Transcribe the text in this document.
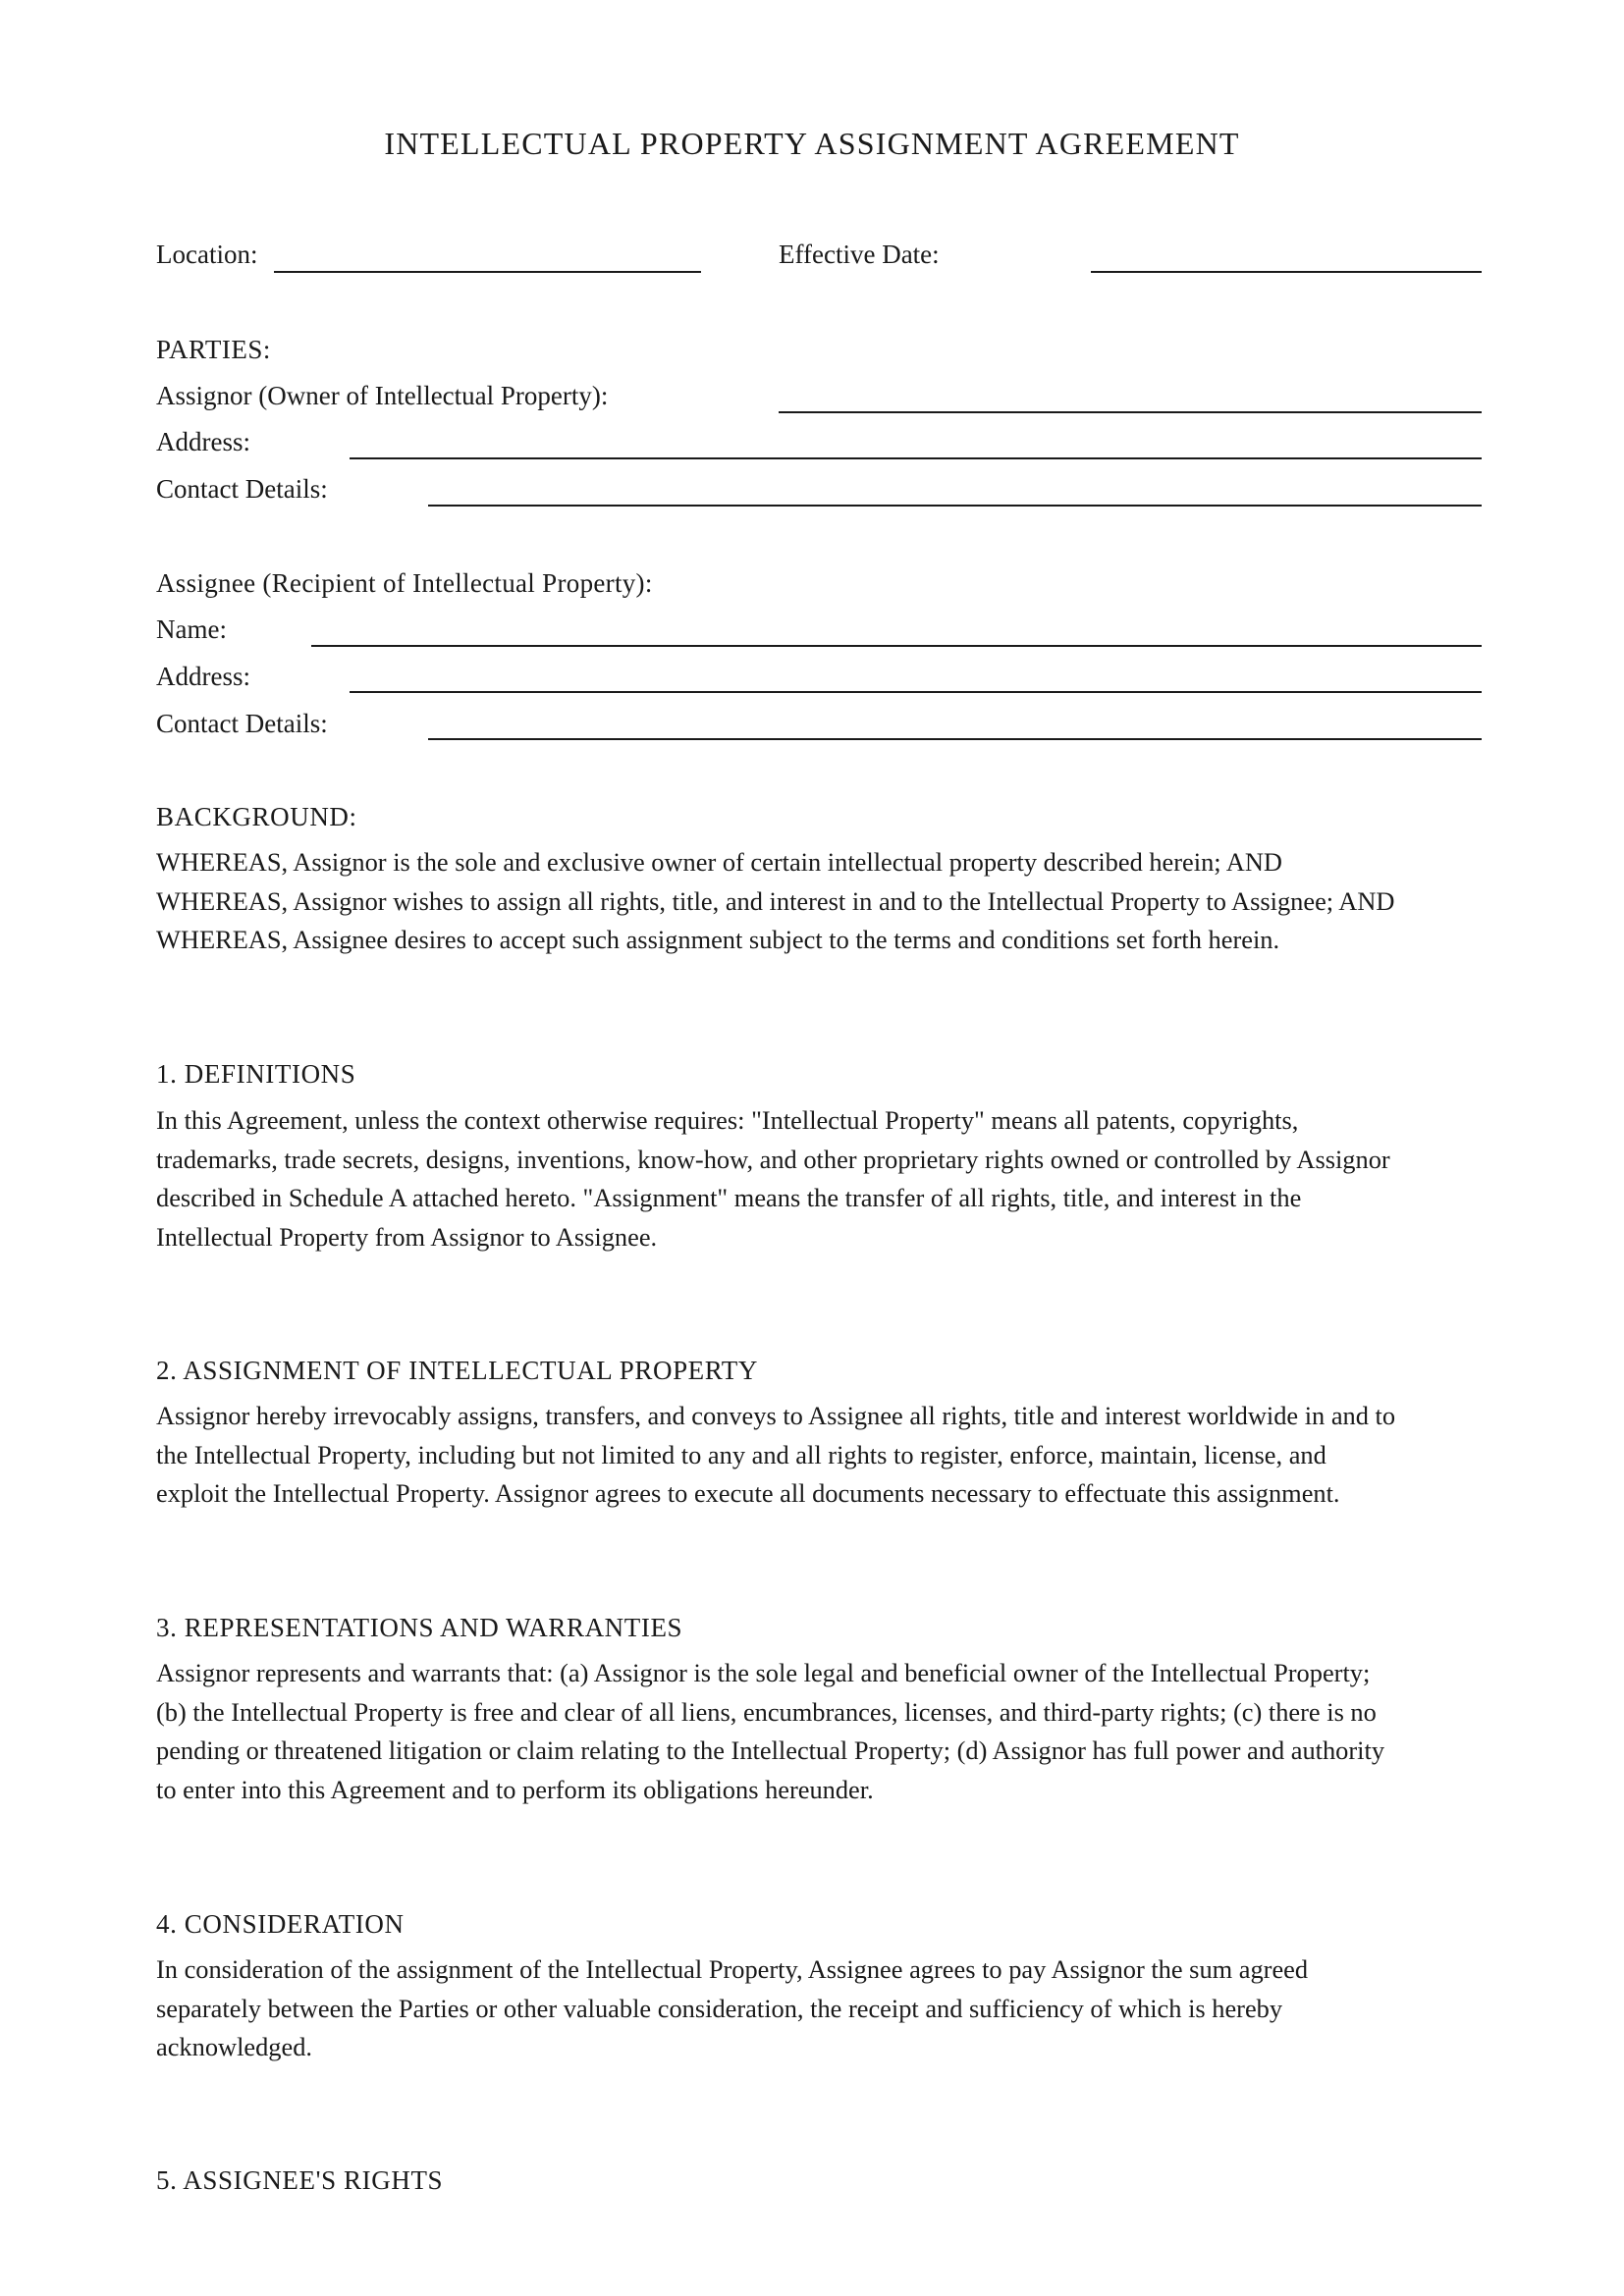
INTELLECTUAL PROPERTY ASSIGNMENT AGREEMENT
Location:	Effective Date:
PARTIES:
Assignor (Owner of Intellectual Property):
Address:
Contact Details:
Assignee (Recipient of Intellectual Property):
Name:
Address:
Contact Details:
BACKGROUND:
WHEREAS, Assignor is the sole and exclusive owner of certain intellectual property described herein; AND
WHEREAS, Assignor wishes to assign all rights, title, and interest in and to the Intellectual Property to Assignee; AND
WHEREAS, Assignee desires to accept such assignment subject to the terms and conditions set forth herein.
1. DEFINITIONS
In this Agreement, unless the context otherwise requires: "Intellectual Property" means all patents, copyrights,
trademarks, trade secrets, designs, inventions, know-how, and other proprietary rights owned or controlled by Assignor
described in Schedule A attached hereto. "Assignment" means the transfer of all rights, title, and interest in the
Intellectual Property from Assignor to Assignee.
2. ASSIGNMENT OF INTELLECTUAL PROPERTY
Assignor hereby irrevocably assigns, transfers, and conveys to Assignee all rights, title and interest worldwide in and to
the Intellectual Property, including but not limited to any and all rights to register, enforce, maintain, license, and
exploit the Intellectual Property. Assignor agrees to execute all documents necessary to effectuate this assignment.
3. REPRESENTATIONS AND WARRANTIES
Assignor represents and warrants that: (a) Assignor is the sole legal and beneficial owner of the Intellectual Property;
(b) the Intellectual Property is free and clear of all liens, encumbrances, licenses, and third-party rights; (c) there is no
pending or threatened litigation or claim relating to the Intellectual Property; (d) Assignor has full power and authority
to enter into this Agreement and to perform its obligations hereunder.
4. CONSIDERATION
In consideration of the assignment of the Intellectual Property, Assignee agrees to pay Assignor the sum agreed
separately between the Parties or other valuable consideration, the receipt and sufficiency of which is hereby
acknowledged.
5. ASSIGNEE'S RIGHTS
